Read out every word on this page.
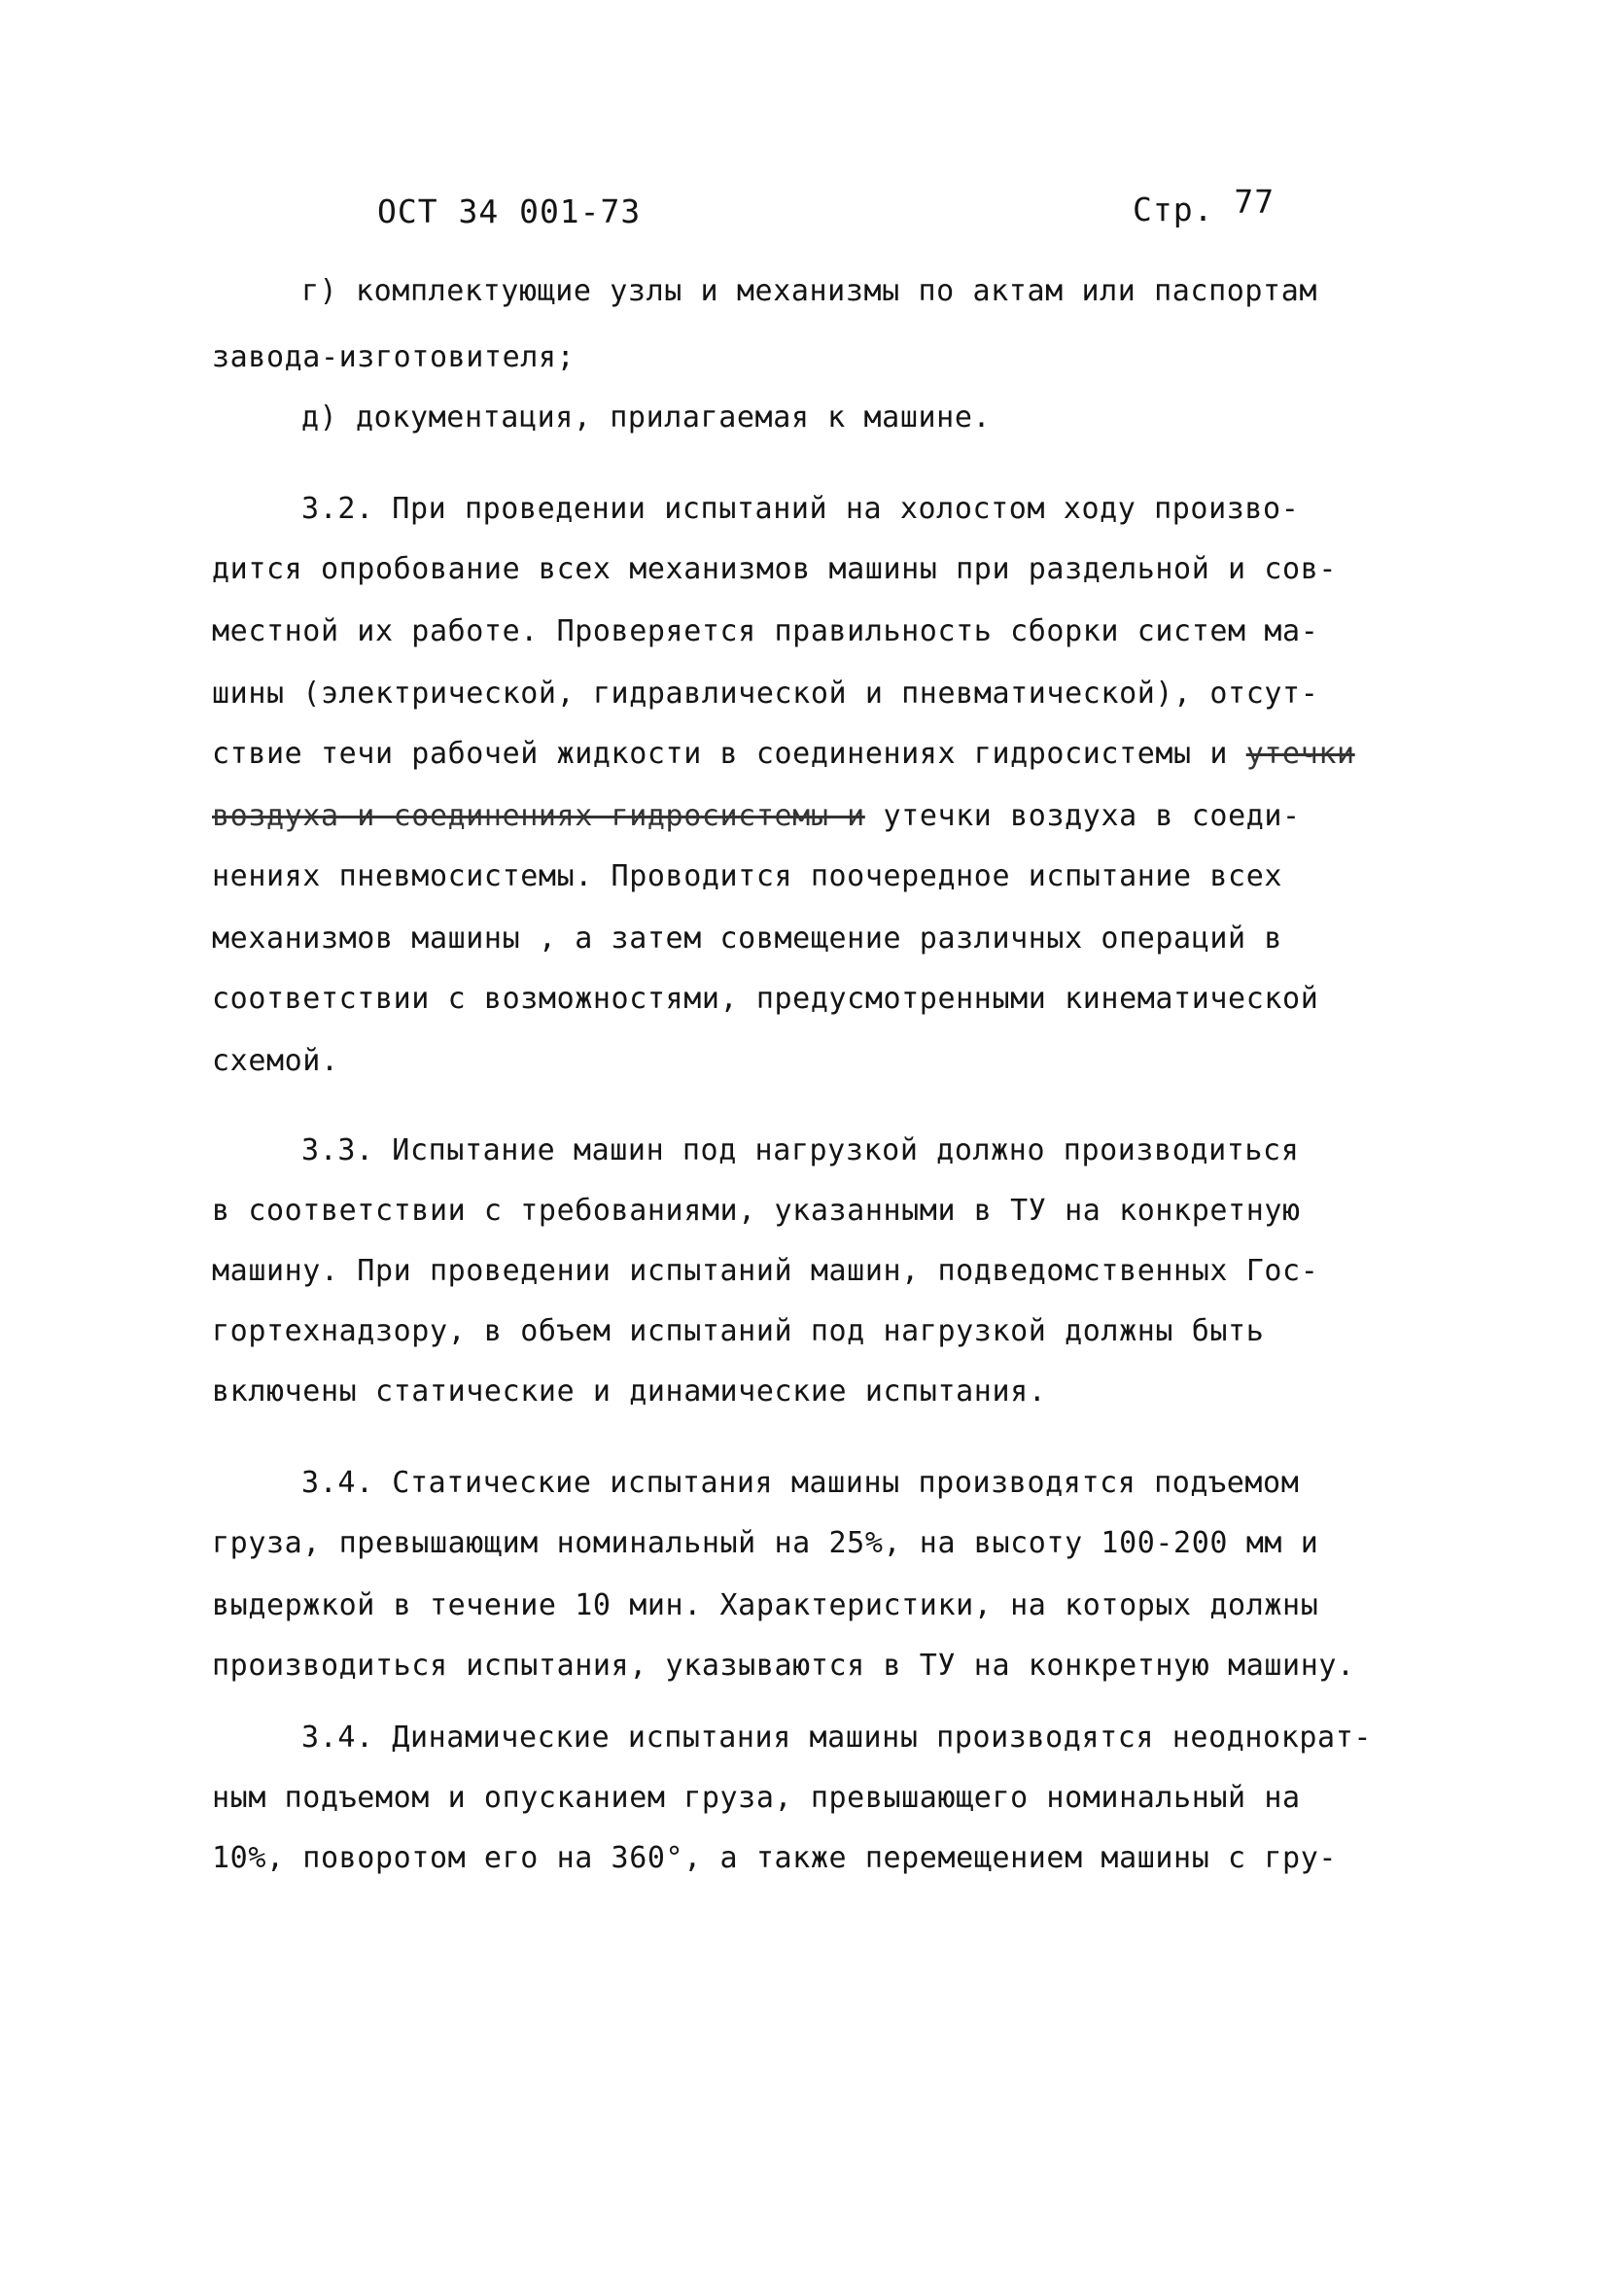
ОСТ 34 001-73	Стр. 77
г) комплектующие узлы и механизмы по актам или паспортам
завода-изготовителя;
д) документация, прилагаемая к машине.
3.2. При проведении испытаний на холостом ходу произво-
дится опробование всех механизмов машины при раздельной и сов-
местной их работе. Проверяется правильность сборки систем ма-
шины (электрической, гидравлической и пневматической), отсут-
ствие течи рабочей жидкости в соединениях гидросистемы и утечки
воздуха и соединениях гидросистемы и утечки воздуха в соеди-
нениях пневмосистемы. Проводится поочередное испытание всех
механизмов машины , а затем совмещение различных операций в
соответствии с возможностями, предусмотренными кинематической
схемой.
3.3. Испытание машин под нагрузкой должно производиться
в соответствии с требованиями, указанными в ТУ на конкретную
машину. При проведении испытаний машин, подведомственных Гос-
гортехнадзору, в объем испытаний под нагрузкой должны быть
включены статические и динамические испытания.
3.4. Статические испытания машины производятся подъемом
груза, превышающим номинальный на 25%, на высоту 100-200 мм и
выдержкой в течение 10 мин. Характеристики, на которых должны
производиться испытания, указываются в ТУ на конкретную машину.
3.4. Динамические испытания машины производятся неоднократ-
ным подъемом и опусканием груза, превышающего номинальный на
10%, поворотом его на 360°, а также перемещением машины с гру-
